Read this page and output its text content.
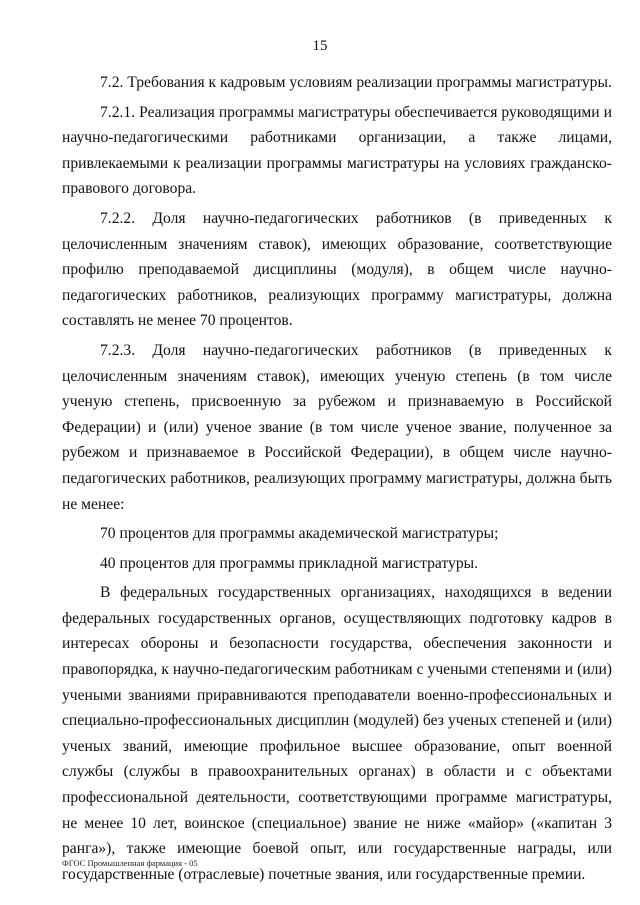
15

7.2. Требования к кадровым условиям реализации программы магистратуры.

7.2.1. Реализация программы магистратуры обеспечивается руководящими и научно-педагогическими работниками организации, а также лицами, привлекаемыми к реализации программы магистратуры на условиях гражданско-правового договора.

7.2.2. Доля научно-педагогических работников (в приведенных к целочисленным значениям ставок), имеющих образование, соответствующие профилю преподаваемой дисциплины (модуля), в общем числе научно-педагогических работников, реализующих программу магистратуры, должна составлять не менее 70 процентов.

7.2.3. Доля научно-педагогических работников (в приведенных к целочисленным значениям ставок), имеющих ученую степень (в том числе ученую степень, присвоенную за рубежом и признаваемую в Российской Федерации) и (или) ученое звание (в том числе ученое звание, полученное за рубежом и признаваемое в Российской Федерации), в общем числе научно-педагогических работников, реализующих программу магистратуры, должна быть не менее:

70 процентов для программы академической магистратуры;

40 процентов для программы прикладной магистратуры.

В федеральных государственных организациях, находящихся в ведении федеральных государственных органов, осуществляющих подготовку кадров в интересах обороны и безопасности государства, обеспечения законности и правопорядка, к научно-педагогическим работникам с учеными степенями и (или) учеными званиями приравниваются преподаватели военно-профессиональных и специально-профессиональных дисциплин (модулей) без ученых степеней и (или) ученых званий, имеющие профильное высшее образование, опыт военной службы (службы в правоохранительных органах) в области и с объектами профессиональной деятельности, соответствующими программе магистратуры, не менее 10 лет, воинское (специальное) звание не ниже «майор» («капитан 3 ранга»), также имеющие боевой опыт, или государственные награды, или государственные (отраслевые) почетные звания, или государственные премии.

ФГОС Промышленная фармация - 05
